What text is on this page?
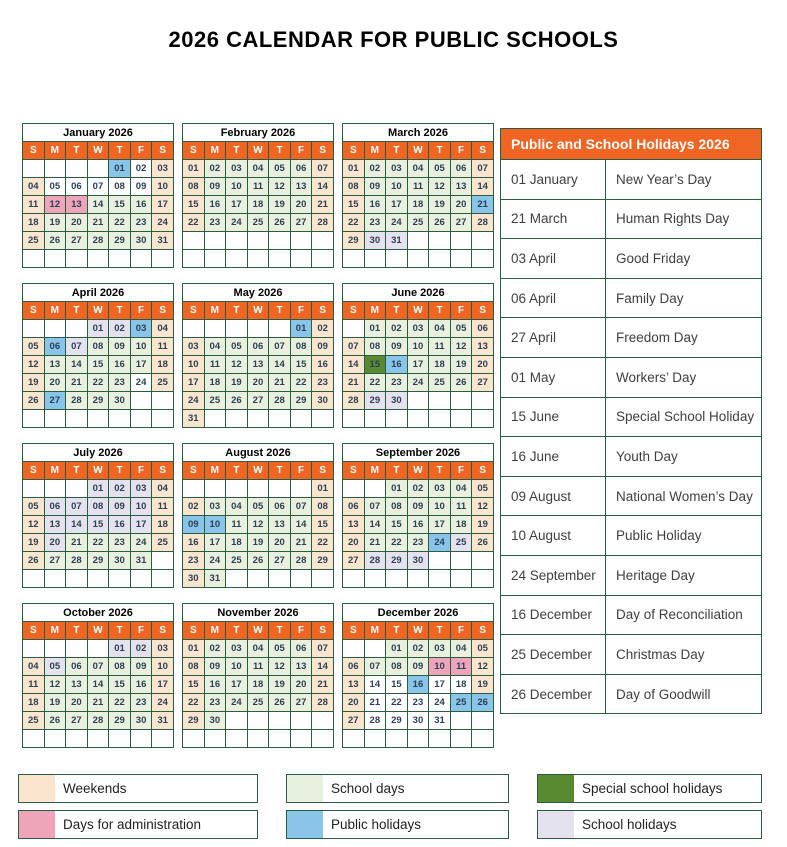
2026 CALENDAR FOR PUBLIC SCHOOLS
January 2026						
S	M	T	W	T	F	S
				01	02	03
04	05	06	07	08	09	10
11	12	13	14	15	16	17
18	19	20	21	22	23	24
25	26	27	28	29	30	31

February 2026						
S	M	T	W	T	F	S
01	02	03	04	05	06	07
08	09	10	11	12	13	14
15	16	17	18	19	20	21
22	23	24	25	26	27	28

March 2026						
S	M	T	W	T	F	S
01	02	03	04	05	06	07
08	09	10	11	12	13	14
15	16	17	18	19	20	21
22	23	24	25	26	27	28
29	30	31				

April 2026						
S	M	T	W	T	F	S
			01	02	03	04
05	06	07	08	09	10	11
12	13	14	15	16	17	18
19	20	21	22	23	24	25
26	27	28	29	30		

May 2026						
S	M	T	W	T	F	S
					01	02
03	04	05	06	07	08	09
10	11	12	13	14	15	16
17	18	19	20	21	22	23
24	25	26	27	28	29	30
31						
June 2026						
S	M	T	W	T	F	S
	01	02	03	04	05	06
07	08	09	10	11	12	13
14	15	16	17	18	19	20
21	22	23	24	25	26	27
28	29	30				

July 2026						
S	M	T	W	T	F	S
			01	02	03	04
05	06	07	08	09	10	11
12	13	14	15	16	17	18
19	20	21	22	23	24	25
26	27	28	29	30	31	

August 2026						
S	M	T	W	T	F	S
						01
02	03	04	05	06	07	08
09	10	11	12	13	14	15
16	17	18	19	20	21	22
23	24	25	26	27	28	29
30	31					
September 2026						
S	M	T	W	T	F	S
		01	02	03	04	05
06	07	08	09	10	11	12
13	14	15	16	17	18	19
20	21	22	23	24	25	26
27	28	29	30			

October 2026						
S	M	T	W	T	F	S
				01	02	03
04	05	06	07	08	09	10
11	12	13	14	15	16	17
18	19	20	21	22	23	24
25	26	27	28	29	30	31

November 2026						
S	M	T	W	T	F	S
01	02	03	04	05	06	07
08	09	10	11	12	13	14
15	16	17	18	19	20	21
22	23	24	25	26	27	28
29	30					

December 2026						
S	M	T	W	T	F	S
		01	02	03	04	05
06	07	08	09	10	11	12
13	14	15	16	17	18	19
20	21	22	23	24	25	26
27	28	29	30	31		

Public and School Holidays 2026
01 January	New Year’s Day
21 March	Human Rights Day
03 April	Good Friday
06 April	Family Day
27 April	Freedom Day
01 May	Workers’ Day
15 June	Special School Holiday
16 June	Youth Day
09 August	National Women’s Day
10 August	Public Holiday
24 September	Heritage Day
16 December	Day of Reconciliation
25 December	Christmas Day
26 December	Day of Goodwill
Weekends	School days	Special school holidays
Days for administration	Public holidays	School holidays
